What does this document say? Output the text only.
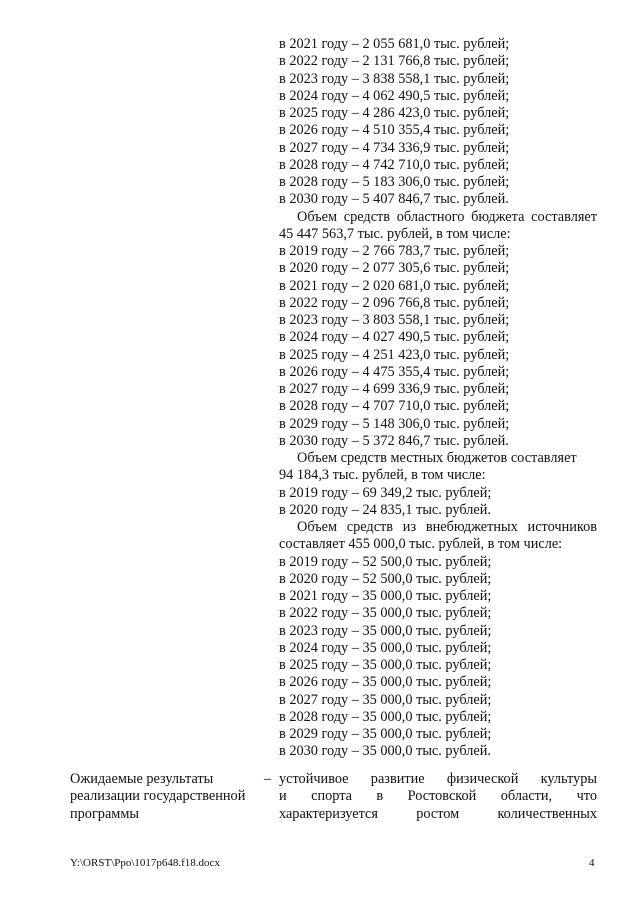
в 2021 году – 2 055 681,0 тыс. рублей;
в 2022 году – 2 131 766,8 тыс. рублей;
в 2023 году – 3 838 558,1 тыс. рублей;
в 2024 году – 4 062 490,5 тыс. рублей;
в 2025 году – 4 286 423,0 тыс. рублей;
в 2026 году – 4 510 355,4 тыс. рублей;
в 2027 году – 4 734 336,9 тыс. рублей;
в 2028 году – 4 742 710,0 тыс. рублей;
в 2028 году – 5 183 306,0 тыс. рублей;
в 2030 году – 5 407 846,7 тыс. рублей.
Объем средств областного бюджета составляет
45 447 563,7 тыс. рублей, в том числе:
в 2019 году – 2 766 783,7 тыс. рублей;
в 2020 году – 2 077 305,6 тыс. рублей;
в 2021 году – 2 020 681,0 тыс. рублей;
в 2022 году – 2 096 766,8 тыс. рублей;
в 2023 году – 3 803 558,1 тыс. рублей;
в 2024 году – 4 027 490,5 тыс. рублей;
в 2025 году – 4 251 423,0 тыс. рублей;
в 2026 году – 4 475 355,4 тыс. рублей;
в 2027 году – 4 699 336,9 тыс. рублей;
в 2028 году – 4 707 710,0 тыс. рублей;
в 2029 году – 5 148 306,0 тыс. рублей;
в 2030 году – 5 372 846,7 тыс. рублей.
Объем средств местных бюджетов составляет
94 184,3 тыс. рублей, в том числе:
в 2019 году – 69 349,2 тыс. рублей;
в 2020 году – 24 835,1 тыс. рублей.
Объем средств из внебюджетных источников
составляет 455 000,0 тыс. рублей, в том числе:
в 2019 году – 52 500,0 тыс. рублей;
в 2020 году – 52 500,0 тыс. рублей;
в 2021 году – 35 000,0 тыс. рублей;
в 2022 году – 35 000,0 тыс. рублей;
в 2023 году – 35 000,0 тыс. рублей;
в 2024 году – 35 000,0 тыс. рублей;
в 2025 году – 35 000,0 тыс. рублей;
в 2026 году – 35 000,0 тыс. рублей;
в 2027 году – 35 000,0 тыс. рублей;
в 2028 году – 35 000,0 тыс. рублей;
в 2029 году – 35 000,0 тыс. рублей;
в 2030 году – 35 000,0 тыс. рублей.
Ожидаемые результаты
реализации государственной
программы
– устойчивое развитие физической культуры
и спорта в Ростовской области, что
характеризуется ростом количественных
Y:\ORST\Ppo\1017p648.f18.docx	4
